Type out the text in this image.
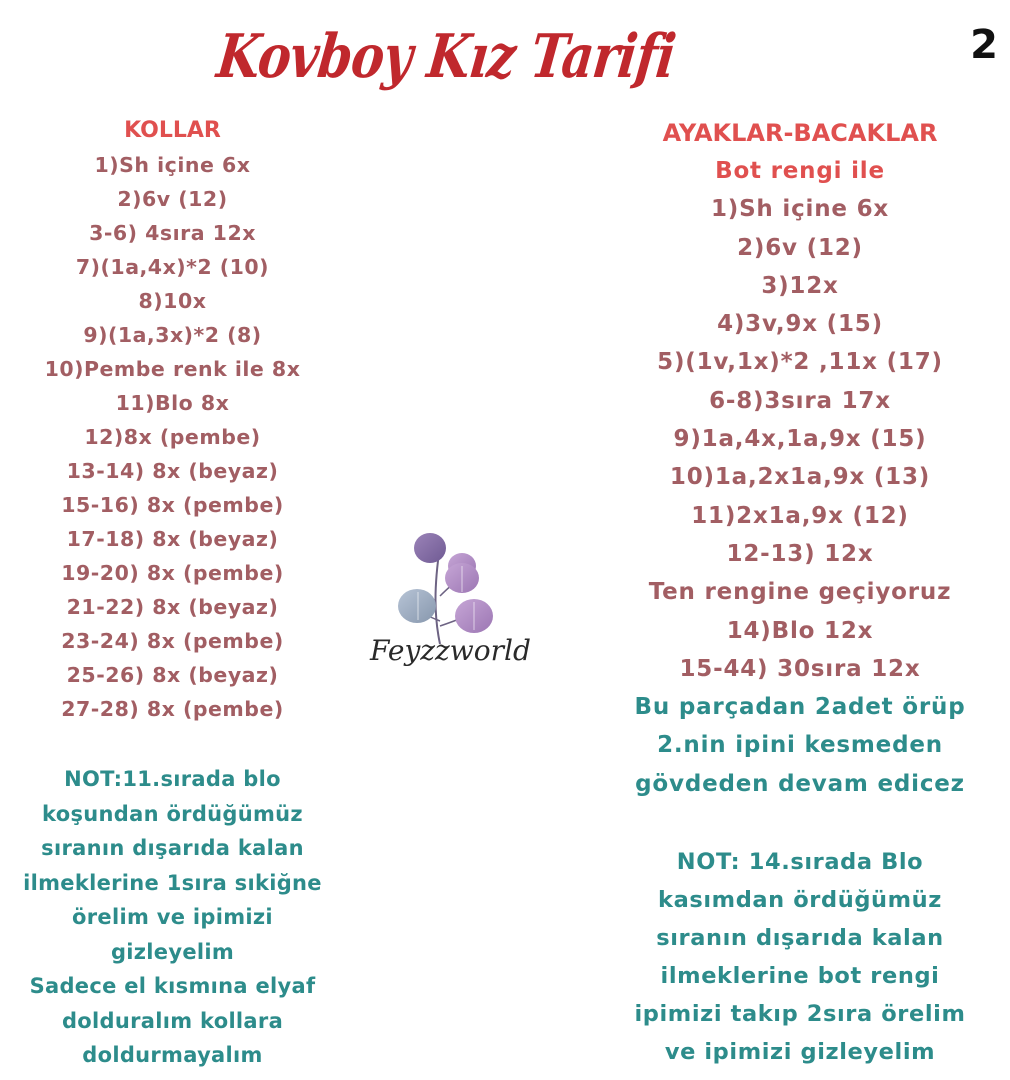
Kovboy Kız Tarifi	2
KOLLAR
1)Sh içine 6x
2)6v (12)
3-6) 4sıra 12x
7)(1a,4x)*2 (10)
8)10x
9)(1a,3x)*2 (8)
10)Pembe renk ile 8x
11)Blo 8x
12)8x (pembe)
13-14) 8x (beyaz)
15-16) 8x (pembe)
17-18) 8x (beyaz)
19-20) 8x (pembe)
21-22) 8x (beyaz)
23-24) 8x (pembe)
25-26) 8x (beyaz)
27-28) 8x (pembe)
NOT:11.sırada blo
koşundan ördüğümüz
sıranın dışarıda kalan
ilmeklerine 1sıra sıkiğne
örelim ve ipimizi
gizleyelim
Sadece el kısmına elyaf
dolduralım kollara
doldurmayalım
AYAKLAR-BACAKLAR
Bot rengi ile
1)Sh içine 6x
2)6v (12)
3)12x
4)3v,9x (15)
5)(1v,1x)*2 ,11x (17)
6-8)3sıra 17x
9)1a,4x,1a,9x (15)
10)1a,2x1a,9x (13)
11)2x1a,9x (12)
12-13) 12x
Ten rengine geçiyoruz
14)Blo 12x
15-44) 30sıra 12x
Bu parçadan 2adet örüp
2.nin ipini kesmeden
gövdeden devam edicez
NOT: 14.sırada Blo
kasımdan ördüğümüz
sıranın dışarıda kalan
ilmeklerine bot rengi
ipimizi takıp 2sıra örelim
ve ipimizi gizleyelim
Feyzzworld
